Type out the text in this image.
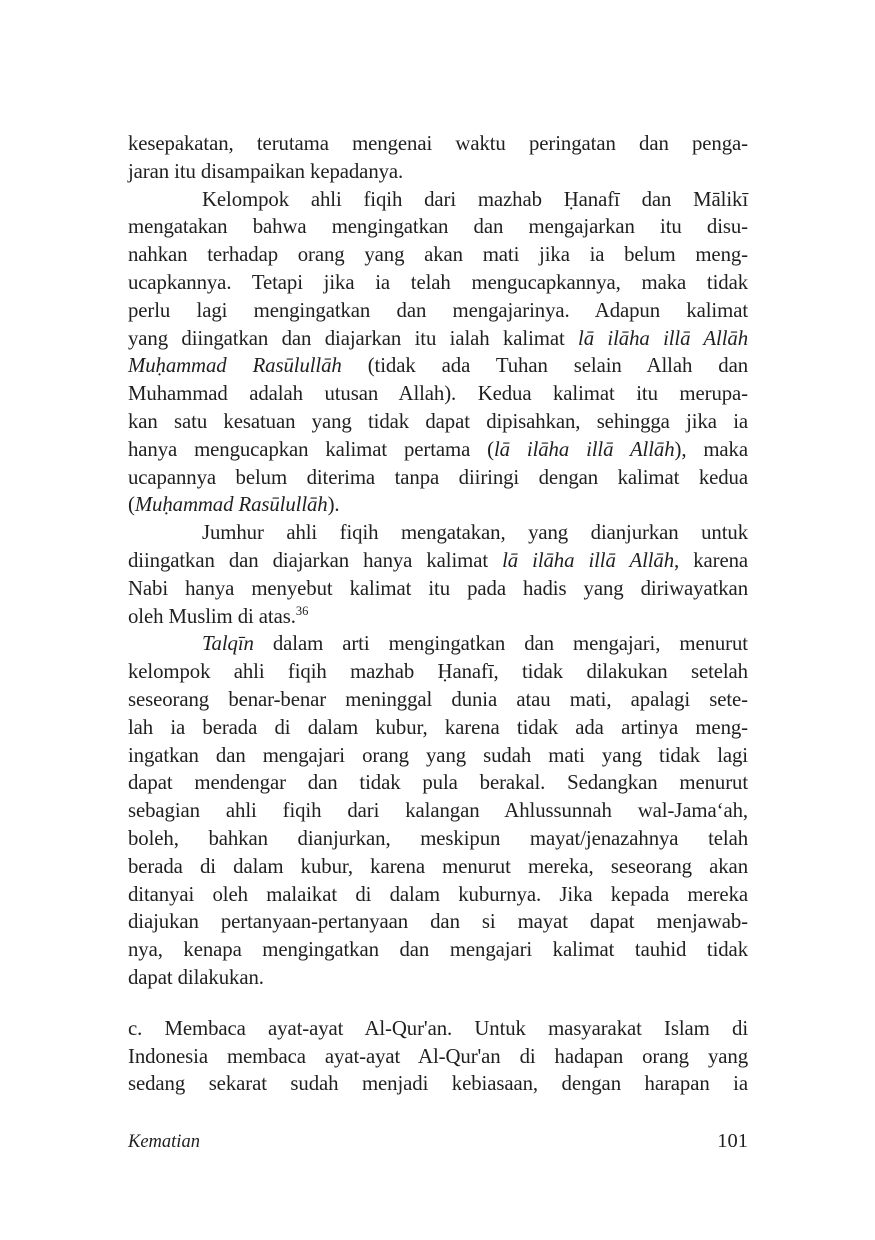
kesepakatan, terutama mengenai waktu peringatan dan penga-
jaran itu disampaikan kepadanya.
Kelompok ahli fiqih dari mazhab Ḥanafī dan Mālikī
mengatakan bahwa mengingatkan dan mengajarkan itu disu-
nahkan terhadap orang yang akan mati jika ia belum meng-
ucapkannya. Tetapi jika ia telah mengucapkannya, maka tidak
perlu lagi mengingatkan dan mengajarinya. Adapun kalimat
yang diingatkan dan diajarkan itu ialah kalimat lā ilāha illā Allāh
Muḥammad Rasūlullāh (tidak ada Tuhan selain Allah dan
Muhammad adalah utusan Allah). Kedua kalimat itu merupa-
kan satu kesatuan yang tidak dapat dipisahkan, sehingga jika ia
hanya mengucapkan kalimat pertama (lā ilāha illā Allāh), maka
ucapannya belum diterima tanpa diiringi dengan kalimat kedua
(Muḥammad Rasūlullāh).
Jumhur ahli fiqih mengatakan, yang dianjurkan untuk
diingatkan dan diajarkan hanya kalimat lā ilāha illā Allāh, karena
Nabi hanya menyebut kalimat itu pada hadis yang diriwayatkan
oleh Muslim di atas.$^{36}$
Talqīn dalam arti mengingatkan dan mengajari, menurut
kelompok ahli fiqih mazhab Ḥanafī, tidak dilakukan setelah
seseorang benar-benar meninggal dunia atau mati, apalagi sete-
lah ia berada di dalam kubur, karena tidak ada artinya meng-
ingatkan dan mengajari orang yang sudah mati yang tidak lagi
dapat mendengar dan tidak pula berakal. Sedangkan menurut
sebagian ahli fiqih dari kalangan Ahlussunnah wal-Jama‘ah,
boleh, bahkan dianjurkan, meskipun mayat/jenazahnya telah
berada di dalam kubur, karena menurut mereka, seseorang akan
ditanyai oleh malaikat di dalam kuburnya. Jika kepada mereka
diajukan pertanyaan-pertanyaan dan si mayat dapat menjawab-
nya, kenapa mengingatkan dan mengajari kalimat tauhid tidak
dapat dilakukan.
c. Membaca ayat-ayat Al-Qur'an. Untuk masyarakat Islam di
Indonesia membaca ayat-ayat Al-Qur'an di hadapan orang yang
sedang sekarat sudah menjadi kebiasaan, dengan harapan ia
Kematian	101
